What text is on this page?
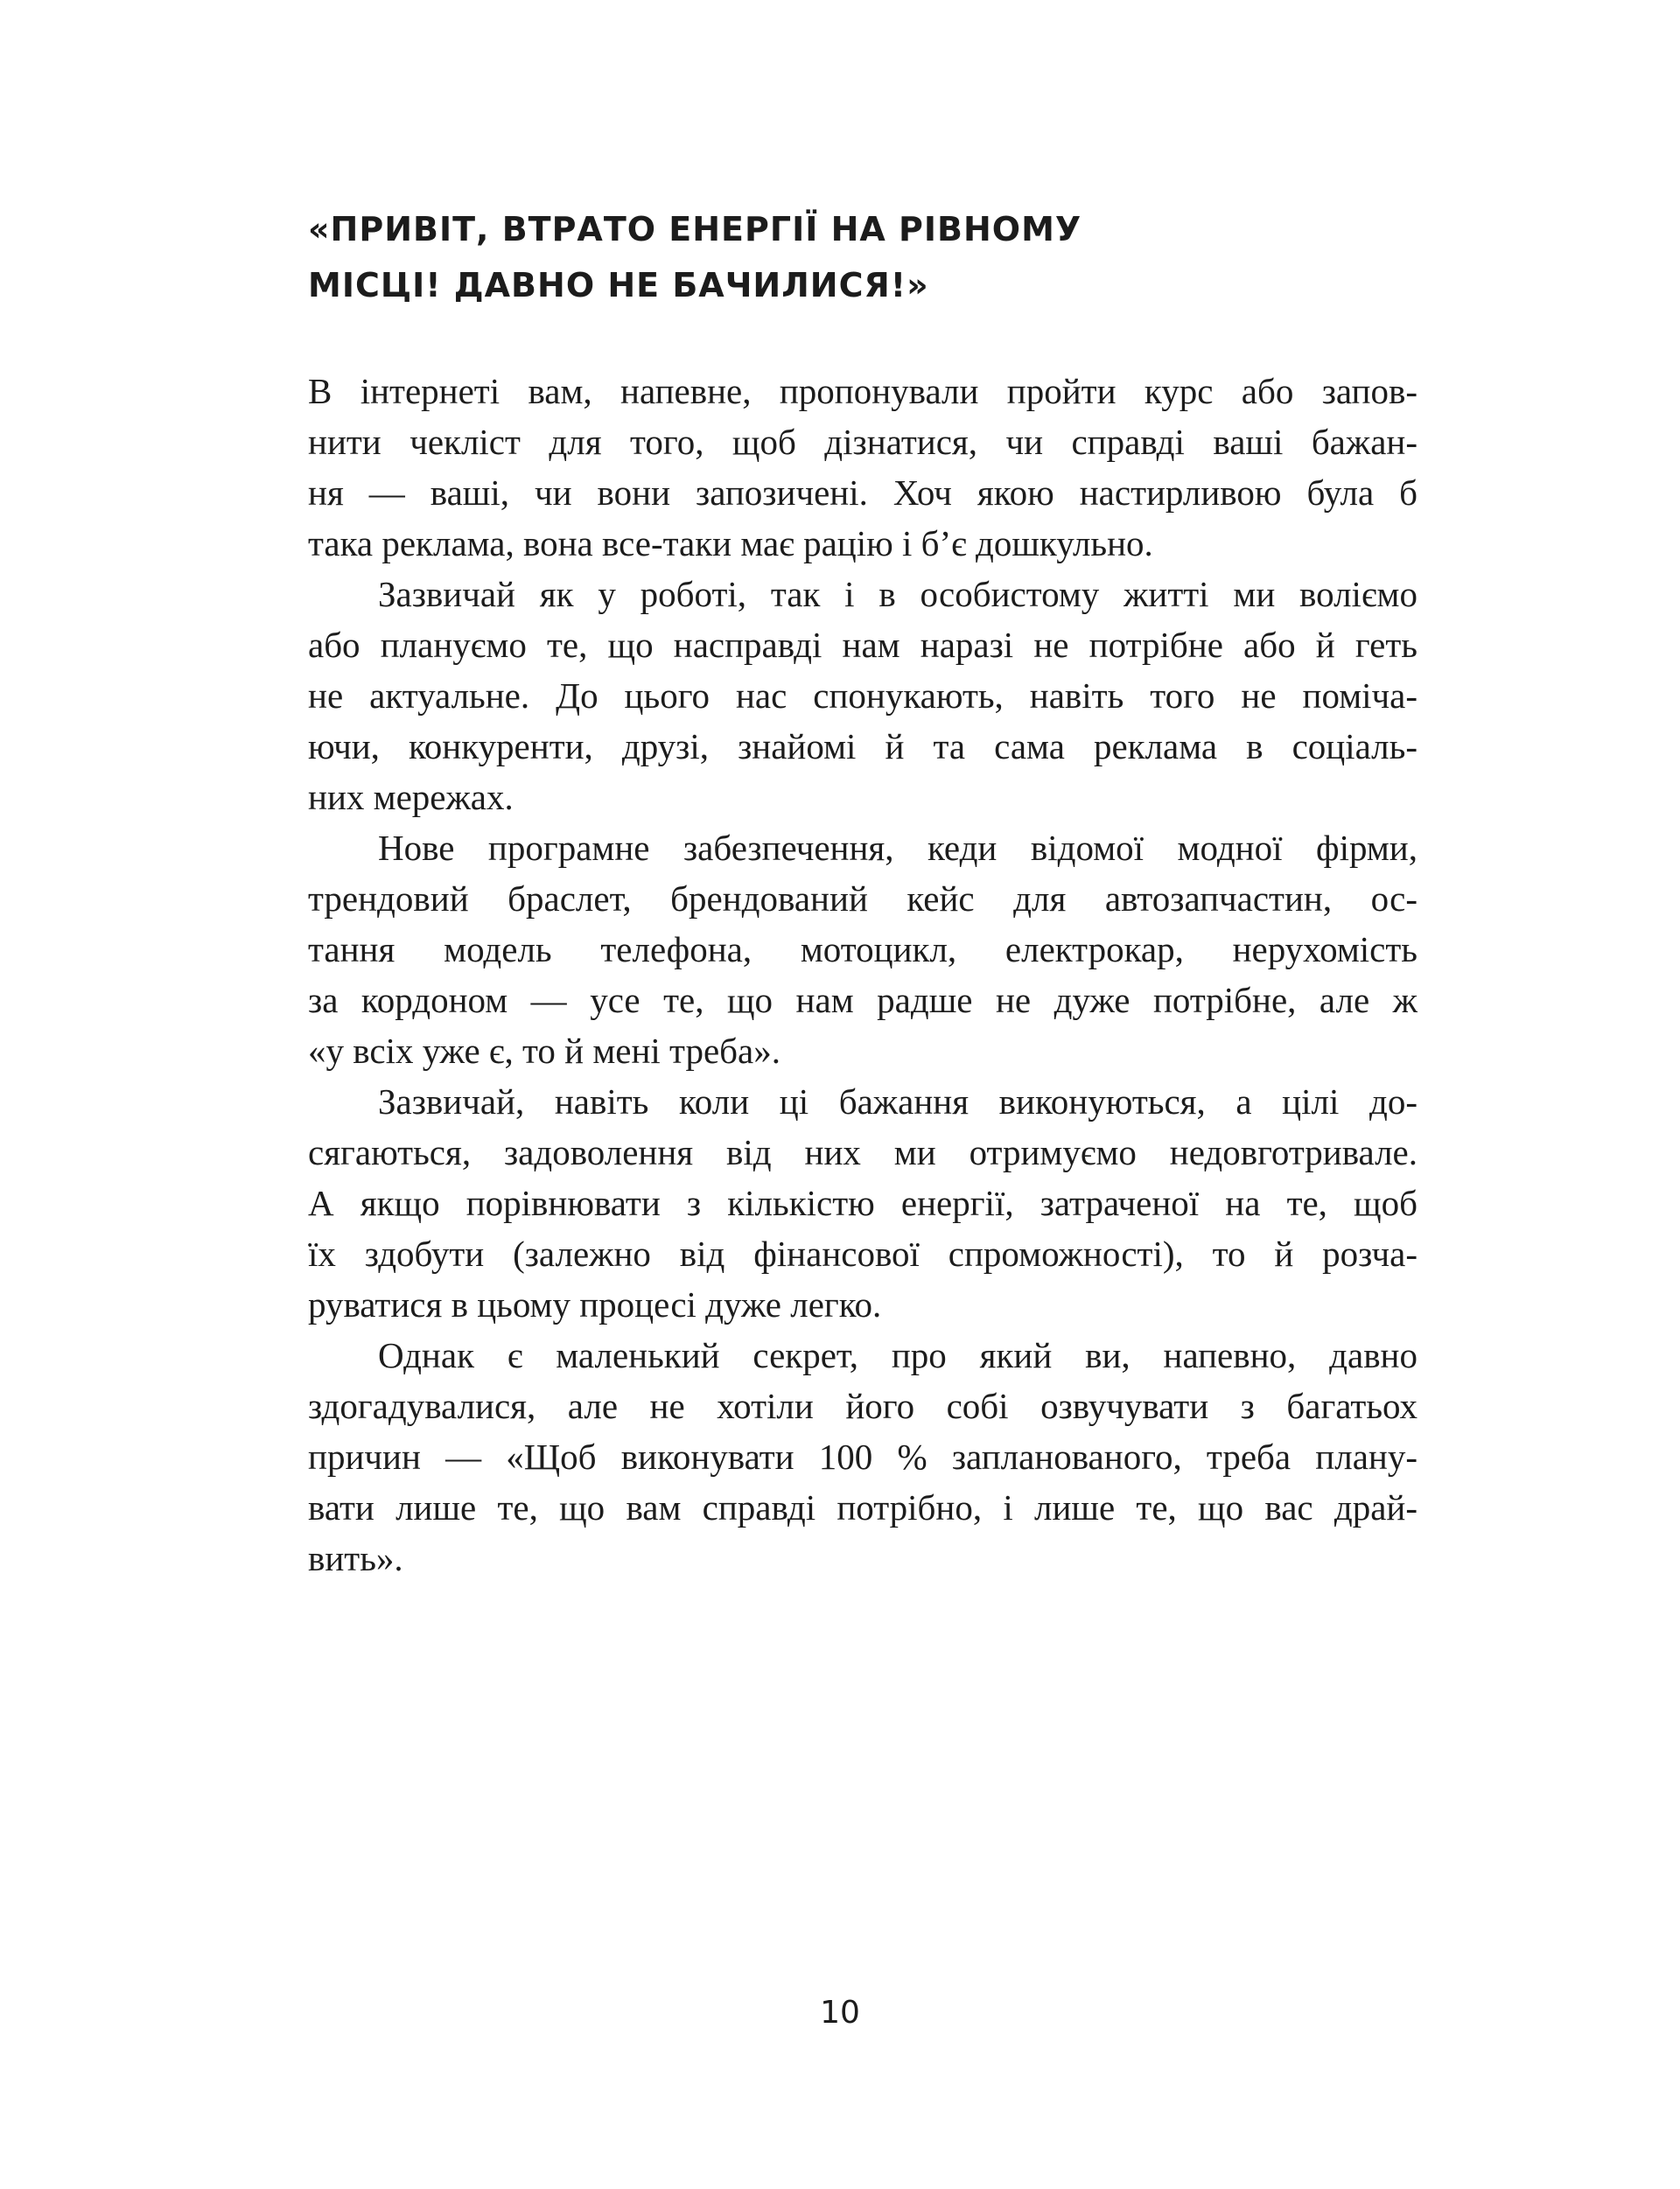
«ПРИВІТ, ВТРАТО ЕНЕРГІЇ НА РІВНОМУ
МІСЦІ! ДАВНО НЕ БАЧИЛИСЯ!»
В інтернеті вам, напевне, пропонували пройти курс або запов-
нити чекліст для того, щоб дізнатися, чи справді ваші бажан-
ня — ваші, чи вони запозичені. Хоч якою настирливою була б
така реклама, вона все-таки має рацію і б’є дошкульно.
Зазвичай як у роботі, так і в особистому житті ми воліємо
або плануємо те, що насправді нам наразі не потрібне або й геть
не актуальне. До цього нас спонукають, навіть того не поміча-
ючи, конкуренти, друзі, знайомі й та сама реклама в соціаль-
них мережах.
Нове програмне забезпечення, кеди відомої модної фірми,
трендовий браслет, брендований кейс для автозапчастин, ос-
тання модель телефона, мотоцикл, електрокар, нерухомість
за кордоном — усе те, що нам радше не дуже потрібне, але ж
«у всіх уже є, то й мені треба».
Зазвичай, навіть коли ці бажання виконуються, а цілі до-
сягаються, задоволення від них ми отримуємо недовготривале.
А якщо порівнювати з кількістю енергії, затраченої на те, щоб
їх здобути (залежно від фінансової спроможності), то й розча-
руватися в цьому процесі дуже легко.
Однак є маленький секрет, про який ви, напевно, давно
здогадувалися, але не хотіли його собі озвучувати з багатьох
причин — «Щоб виконувати 100 % запланованого, треба плану-
вати лише те, що вам справді потрібно, і лише те, що вас драй-
вить».
10
